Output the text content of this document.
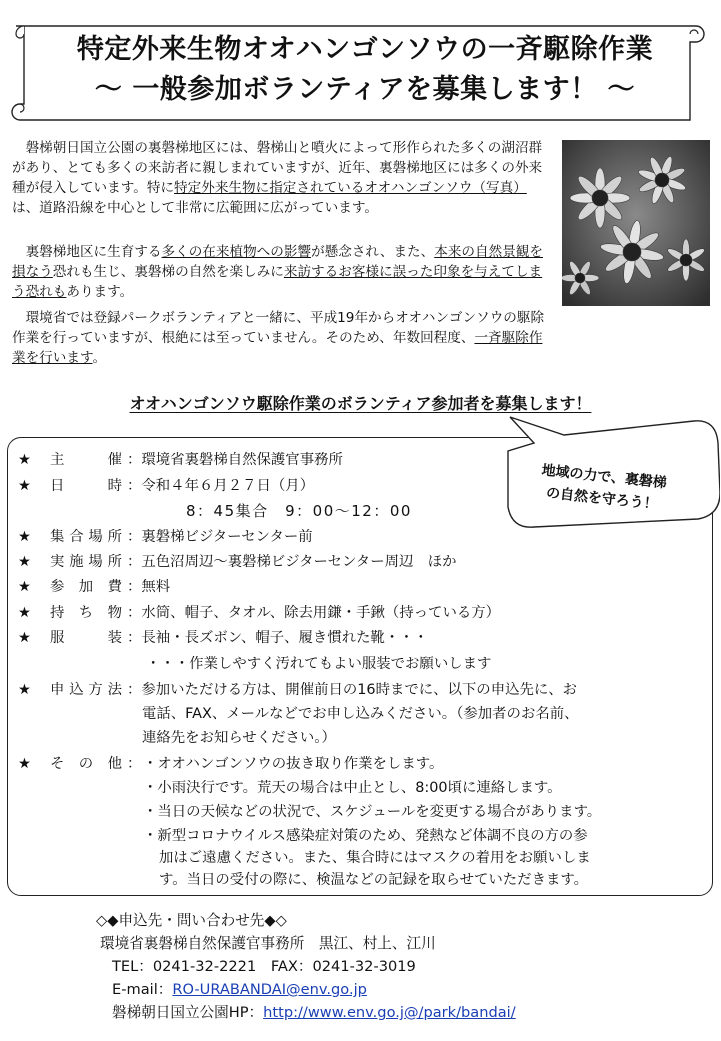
特定外来生物オオハンゴンソウの一斉駆除作業
～ 一般参加ボランティアを募集します！ ～
磐梯朝日国立公園の裏磐梯地区には、磐梯山と噴火によって形作られた多くの湖沼群があり、とても多くの来訪者に親しまれていますが、近年、裏磐梯地区には多くの外来種が侵入しています。特に特定外来生物に指定されているオオハンゴンソウ（写真）は、道路沿線を中心として非常に広範囲に広がっています。
裏磐梯地区に生育する多くの在来植物への影響が懸念され、また、本来の自然景観を損なう恐れも生じ、裏磐梯の自然を楽しみに来訪するお客様に誤った印象を与えてしまう恐れもあります。
環境省では登録パークボランティアと一緒に、平成19年からオオハンゴンソウの駆除作業を行っていますが、根絶には至っていません。そのため、年数回程度、一斉駆除作業を行います。
オオハンゴンソウ駆除作業のボランティア参加者を募集します！
地域の力で、裏磐梯
の自然を守ろう！
★ 主　催 ：環境省裏磐梯自然保護官事務所
★ 日　時 ：令和４年６月２７日（月）
8：45集合　9：00～12：00
★ 集合場所 ：裏磐梯ビジターセンター前
★ 実施場所 ：五色沼周辺～裏磐梯ビジターセンター周辺　ほか
★ 参加費 ：無料
★ 持ち物 ：水筒、帽子、タオル、除去用鎌・手鍬（持っている方）
★ 服　装 ：長袖・長ズボン、帽子、履き慣れた靴・・・
・・・作業しやすく汚れてもよい服装でお願いします
★ 申込方法 ：参加いただける方は、開催前日の16時までに、以下の申込先に、お
電話、FAX、メールなどでお申し込みください。（参加者のお名前、
連絡先をお知らせください。）
★ その他 ： ・オオハンゴンソウの抜き取り作業をします。
・小雨決行です。荒天の場合は中止とし、8:00頃に連絡します。
・当日の天候などの状況で、スケジュールを変更する場合があります。
・新型コロナウイルス感染症対策のため、発熱など体調不良の方の参
加はご遠慮ください。また、集合時にはマスクの着用をお願いしま
す。当日の受付の際に、検温などの記録を取らせていただきます。
◇◆申込先・問い合わせ先◆◇
環境省裏磐梯自然保護官事務所　黒江、村上、江川
TEL：0241-32-2221　FAX：0241-32-3019
E-mail：RO-URABANDAI@env.go.jp
磐梯朝日国立公園HP：http://www.env.go.j@/park/bandai/
